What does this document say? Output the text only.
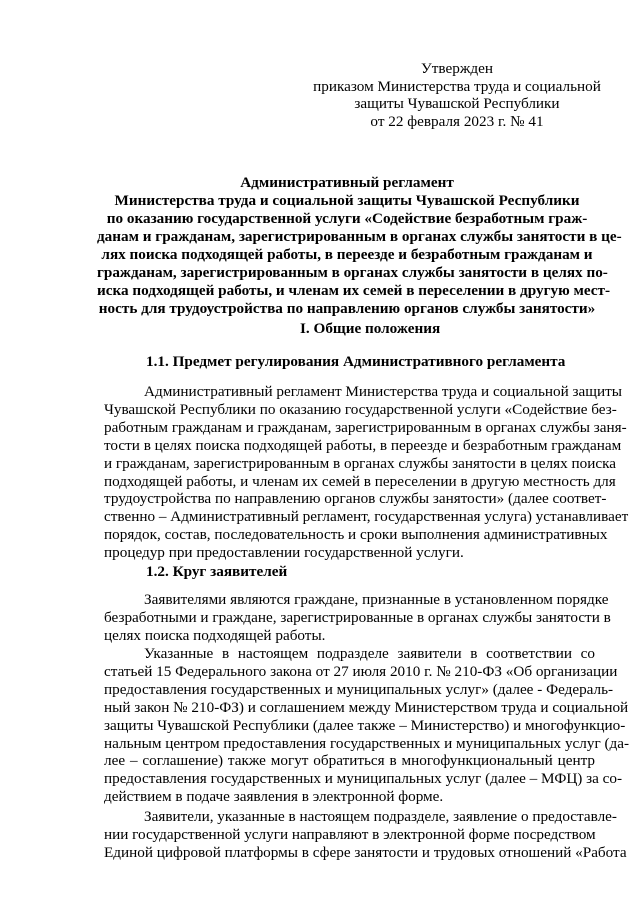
Утвержден
приказом Министерства труда и социальной
защиты Чувашской Республики
от 22 февраля 2023 г. № 41
Административный регламент
Министерства труда и социальной защиты Чувашской Республики
по оказанию государственной услуги «Содействие безработным граж-
данам и гражданам, зарегистрированным в органах службы занятости в це-
лях поиска подходящей работы, в переезде и безработным гражданам и
гражданам, зарегистрированным в органах службы занятости в целях по-
иска подходящей работы, и членам их семей в переселении в другую мест-
ность для трудоустройства по направлению органов службы занятости»
I. Общие положения
1.1. Предмет регулирования Административного регламента
Административный регламент Министерства труда и социальной защиты
Чувашской Республики по оказанию государственной услуги «Содействие без-
работным гражданам и гражданам, зарегистрированным в органах службы заня-
тости в целях поиска подходящей работы, в переезде и безработным гражданам
и гражданам, зарегистрированным в органах службы занятости в целях поиска
подходящей работы, и членам их семей в переселении в другую местность для
трудоустройства по направлению органов службы занятости» (далее соответ-
ственно – Административный регламент, государственная услуга) устанавливает
порядок, состав, последовательность и сроки выполнения административных
процедур при предоставлении государственной услуги.
1.2. Круг заявителей
Заявителями являются граждане, признанные в установленном порядке
безработными и граждане, зарегистрированные в органах службы занятости в
целях поиска подходящей работы.
Указанные в настоящем подразделе заявители в соответствии со
статьей 15 Федерального закона от 27 июля 2010 г. № 210-ФЗ «Об организации
предоставления государственных и муниципальных услуг» (далее - Федераль-
ный закон № 210-ФЗ) и соглашением между Министерством труда и социальной
защиты Чувашской Республики (далее также – Министерство) и многофункцио-
нальным центром предоставления государственных и муниципальных услуг (да-
лее – соглашение) также могут обратиться в многофункциональный центр
предоставления государственных и муниципальных услуг (далее – МФЦ) за со-
действием в подаче заявления в электронной форме.
Заявители, указанные в настоящем подразделе, заявление о предоставле-
нии государственной услуги направляют в электронной форме посредством
Единой цифровой платформы в сфере занятости и трудовых отношений «Работа
